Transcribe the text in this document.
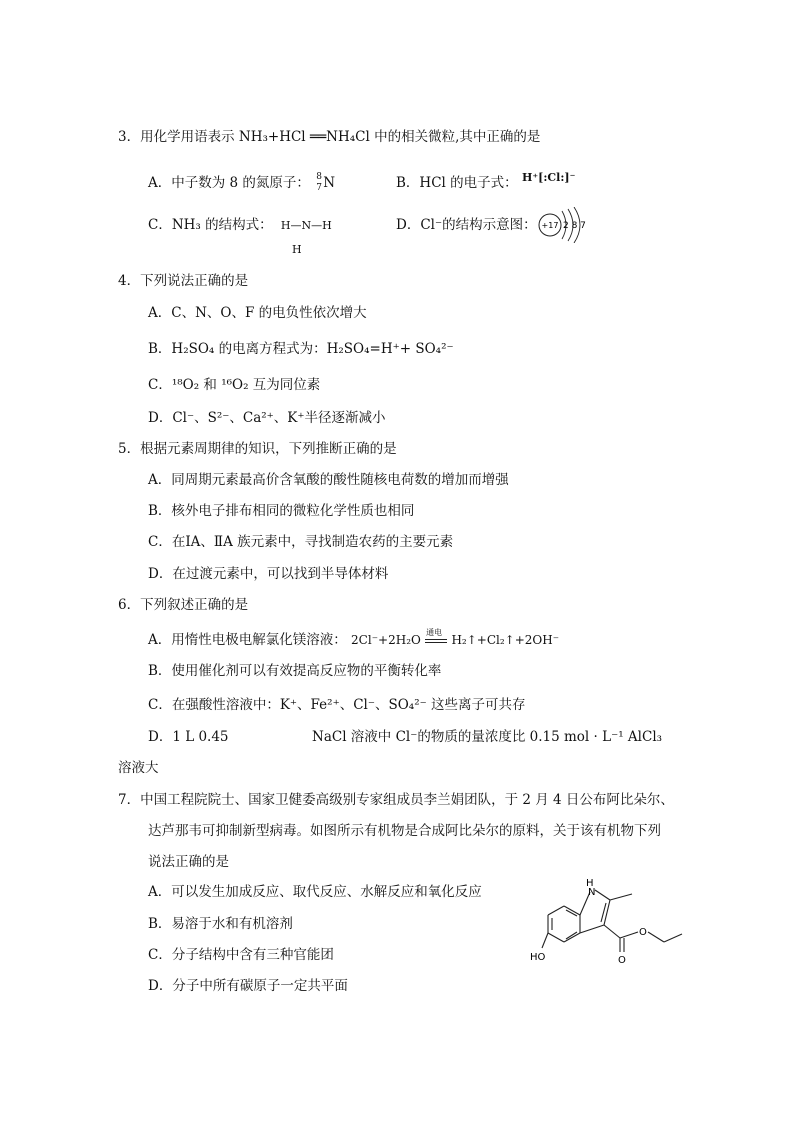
3．用化学用语表示 NH₃+HCl ══NH₄Cl 中的相关微粒,其中正确的是
A．中子数为 8 的氮原子： 8
7 N	B．HCl 的电子式： $^{H^+[:Cl:]^-}$
C．NH₃ 的结构式： H—N—H
H
D．Cl⁻的结构示意图： +17 2 8 7
4．下列说法正确的是
A．C、N、O、F 的电负性依次增大
B．H₂SO₄ 的电离方程式为：H₂SO₄=H⁺+ SO₄²⁻
C．¹⁸O₂ 和 ¹⁶O₂ 互为同位素
D．Cl⁻、S²⁻、Ca²⁺、K⁺半径逐渐减小
5．根据元素周期律的知识，下列推断正确的是
A．同周期元素最高价含氧酸的酸性随核电荷数的增加而增强
B．核外电子排布相同的微粒化学性质也相同
C．在ⅠA、ⅡA 族元素中，寻找制造农药的主要元素
D．在过渡元素中，可以找到半导体材料
6．下列叙述正确的是
A．用惰性电极电解氯化镁溶液： 2Cl⁻+2H₂O
通电
H₂↑+Cl₂↑+2OH⁻
B．使用催化剂可以有效提高反应物的平衡转化率
C．在强酸性溶液中：K⁺、Fe²⁺、Cl⁻、SO₄²⁻ 这些离子可共存
D．1 L 0.45	NaCl 溶液中 Cl⁻的物质的量浓度比 0.15 mol · L⁻¹ AlCl₃
溶液大
7．中国工程院院士、国家卫健委高级别专家组成员李兰娟团队，于 2 月 4 日公布阿比朵尔、
达芦那韦可抑制新型病毒。如图所示有机物是合成阿比朵尔的原料，关于该有机物下列
说法正确的是
A．可以发生加成反应、取代反应、水解反应和氧化反应
B．易溶于水和有机溶剂
C．分子结构中含有三种官能团
D．分子中所有碳原子一定共平面
H
N
O
O
HO
